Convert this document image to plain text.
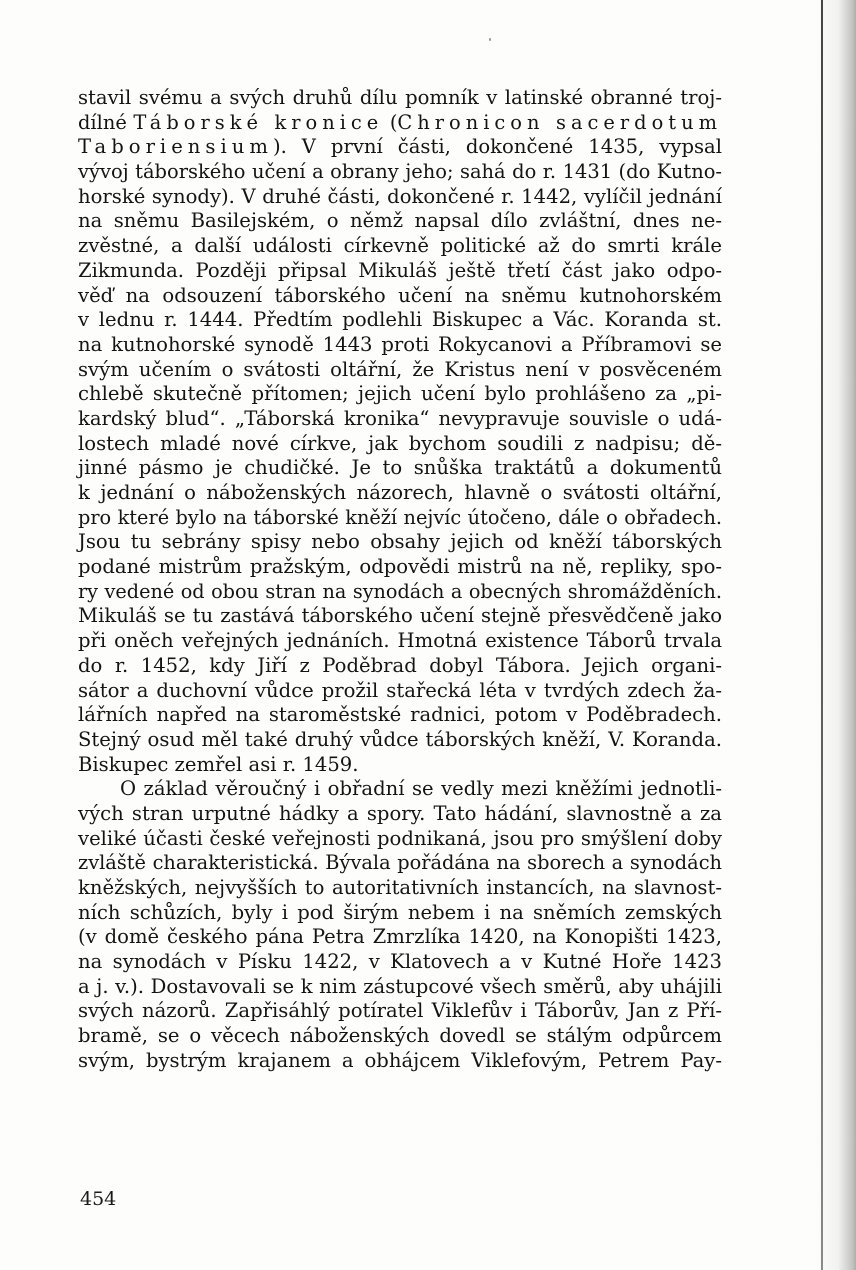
stavil svému a svých druhů dílu pomník v latinské obranné troj-
dílné Táborské kronice (Chronicon sacerdotum
Taboriensium). V první části, dokončené 1435, vypsal
vývoj táborského učení a obrany jeho; sahá do r. 1431 (do Kutno-
horské synody). V druhé části, dokončené r. 1442, vylíčil jednání
na sněmu Basilejském, o němž napsal dílo zvláštní, dnes ne-
zvěstné, a další události církevně politické až do smrti krále
Zikmunda. Později připsal Mikuláš ještě třetí část jako odpo-
věď na odsouzení táborského učení na sněmu kutnohorském
v lednu r. 1444. Předtím podlehli Biskupec a Vác. Koranda st.
na kutnohorské synodě 1443 proti Rokycanovi a Příbramovi se
svým učením o svátosti oltářní, že Kristus není v posvěceném
chlebě skutečně přítomen; jejich učení bylo prohlášeno za „pi-
kardský blud“. „Táborská kronika“ nevypravuje souvisle o udá-
lostech mladé nové církve, jak bychom soudili z nadpisu; dě-
jinné pásmo je chudičké. Je to snůška traktátů a dokumentů
k jednání o náboženských názorech, hlavně o svátosti oltářní,
pro které bylo na táborské kněží nejvíc útočeno, dále o obřadech.
Jsou tu sebrány spisy nebo obsahy jejich od kněží táborských
podané mistrům pražským, odpovědi mistrů na ně, repliky, spo-
ry vedené od obou stran na synodách a obecných shromážděních.
Mikuláš se tu zastává táborského učení stejně přesvědčeně jako
při oněch veřejných jednáních. Hmotná existence Táborů trvala
do r. 1452, kdy Jiří z Poděbrad dobyl Tábora. Jejich organi-
sátor a duchovní vůdce prožil stařecká léta v tvrdých zdech ža-
lářních napřed na staroměstské radnici, potom v Poděbradech.
Stejný osud měl také druhý vůdce táborských kněží, V. Koranda.
Biskupec zemřel asi r. 1459.
O základ věroučný i obřadní se vedly mezi kněžími jednotli-
vých stran urputné hádky a spory. Tato hádání, slavnostně a za
veliké účasti české veřejnosti podnikaná, jsou pro smýšlení doby
zvláště charakteristická. Bývala pořádána na sborech a synodách
kněžských, nejvyšších to autoritativních instancích, na slavnost-
ních schůzích, byly i pod širým nebem i na sněmích zemských
(v domě českého pána Petra Zmrzlíka 1420, na Konopišti 1423,
na synodách v Písku 1422, v Klatovech a v Kutné Hoře 1423
a j. v.). Dostavovali se k nim zástupcové všech směrů, aby uhájili
svých názorů. Zapřisáhlý potíratel Viklefův i Táborův, Jan z Pří-
bramě, se o věcech náboženských dovedl se stálým odpůrcem
svým, bystrým krajanem a obhájcem Viklefovým, Petrem Pay-
454
